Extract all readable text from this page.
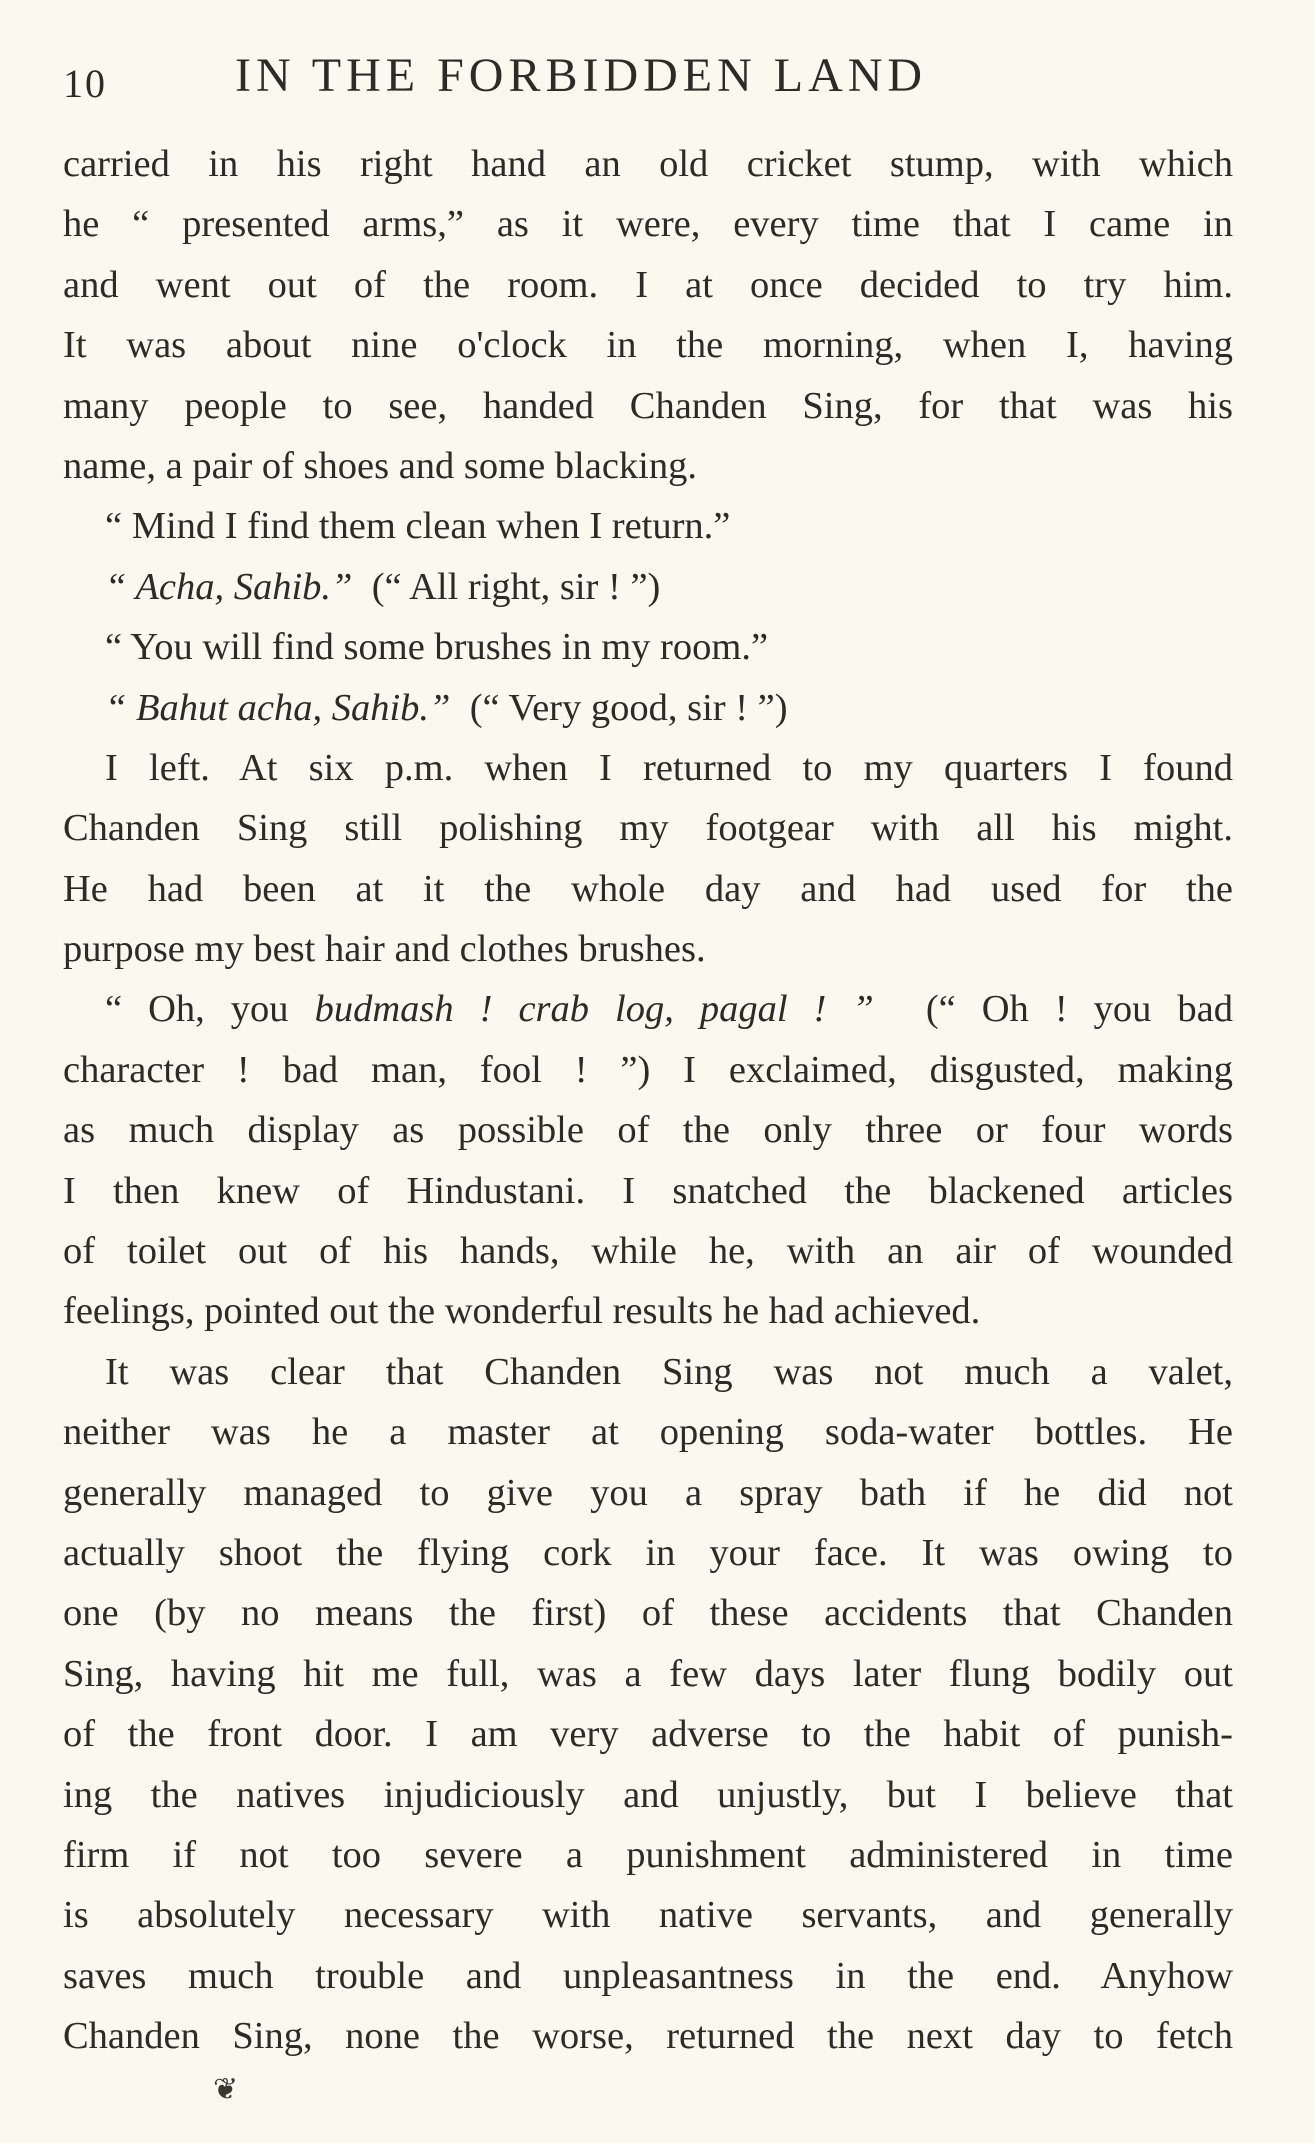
10	IN THE FORBIDDEN LAND
carried in his right hand an old cricket stump, with which
he “ presented arms,” as it were, every time that I came in
and went out of the room. I at once decided to try him.
It was about nine o'clock in the morning, when I, having
many people to see, handed Chanden Sing, for that was his
name, a pair of shoes and some blacking.
“ Mind I find them clean when I return.”
“ Acha, Sahib.”  (“ All right, sir ! ”)
“ You will find some brushes in my room.”
“ Bahut acha, Sahib.”  (“ Very good, sir ! ”)
I left. At six p.m. when I returned to my quarters I found
Chanden Sing still polishing my footgear with all his might.
He had been at it the whole day and had used for the
purpose my best hair and clothes brushes.
“ Oh, you budmash ! crab log, pagal ! ”  (“ Oh ! you bad
character ! bad man, fool ! ”) I exclaimed, disgusted, making
as much display as possible of the only three or four words
I then knew of Hindustani. I snatched the blackened articles
of toilet out of his hands, while he, with an air of wounded
feelings, pointed out the wonderful results he had achieved.
It was clear that Chanden Sing was not much a valet,
neither was he a master at opening soda-water bottles. He
generally managed to give you a spray bath if he did not
actually shoot the flying cork in your face. It was owing to
one (by no means the first) of these accidents that Chanden
Sing, having hit me full, was a few days later flung bodily out
of the front door. I am very adverse to the habit of punish-
ing the natives injudiciously and unjustly, but I believe that
firm if not too severe a punishment administered in time
is absolutely necessary with native servants, and generally
saves much trouble and unpleasantness in the end. Anyhow
Chanden Sing, none the worse, returned the next day to fetch
❦
